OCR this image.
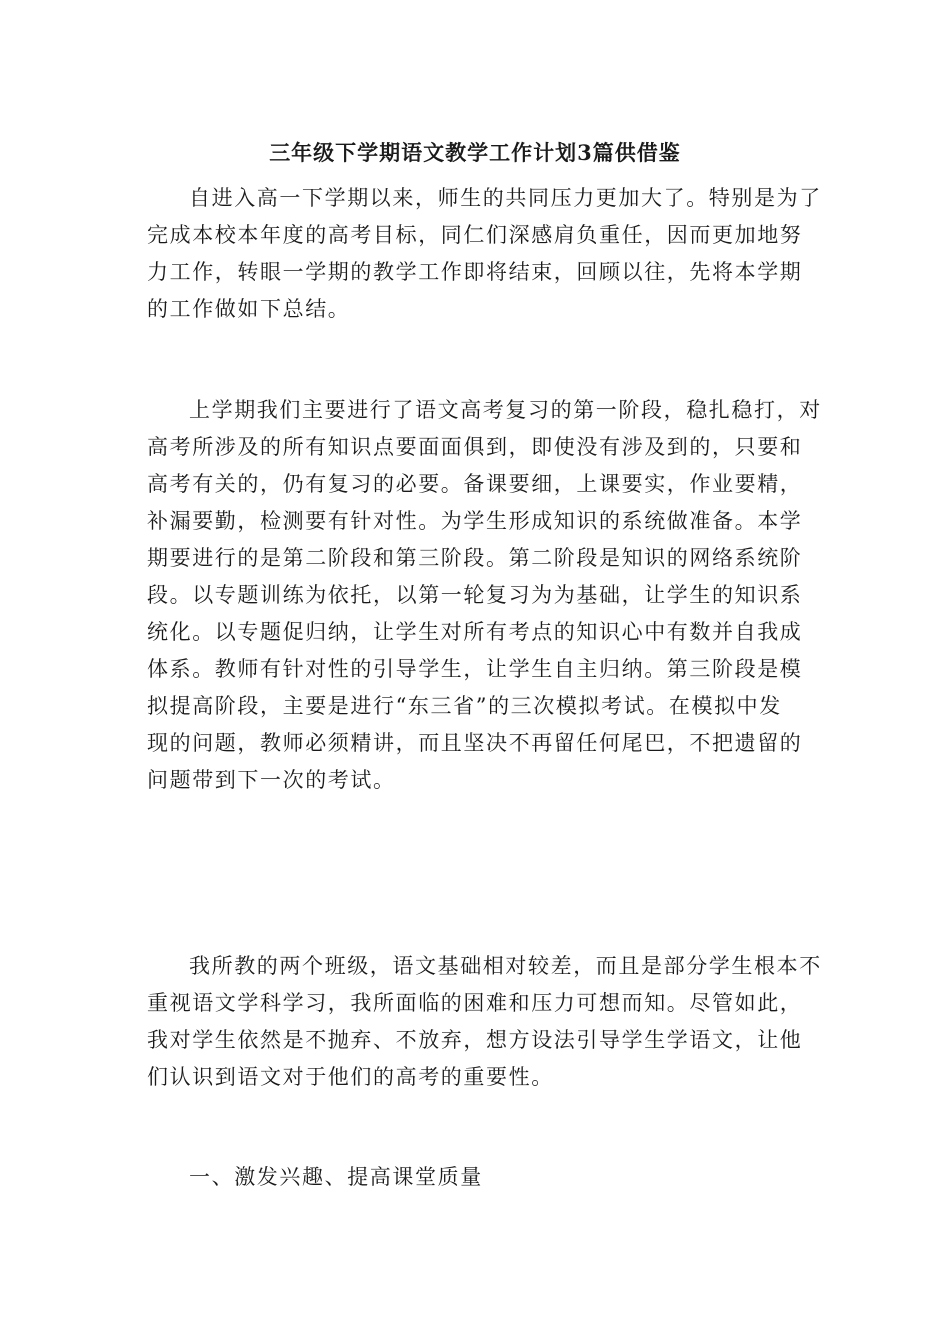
三年级下学期语文教学工作计划3篇供借鉴
自进入高一下学期以来，师生的共同压力更加大了。特别是为了
完成本校本年度的高考目标，同仁们深感肩负重任，因而更加地努
力工作，转眼一学期的教学工作即将结束，回顾以往，先将本学期
的工作做如下总结。
上学期我们主要进行了语文高考复习的第一阶段，稳扎稳打，对
高考所涉及的所有知识点要面面俱到，即使没有涉及到的，只要和
高考有关的，仍有复习的必要。备课要细，上课要实，作业要精，
补漏要勤，检测要有针对性。为学生形成知识的系统做准备。本学
期要进行的是第二阶段和第三阶段。第二阶段是知识的网络系统阶
段。以专题训练为依托，以第一轮复习为为基础，让学生的知识系
统化。以专题促归纳，让学生对所有考点的知识心中有数并自我成
体系。教师有针对性的引导学生，让学生自主归纳。第三阶段是模
拟提高阶段，主要是进行“东三省”的三次模拟考试。在模拟中发
现的问题，教师必须精讲，而且坚决不再留任何尾巴，不把遗留的
问题带到下一次的考试。
我所教的两个班级，语文基础相对较差，而且是部分学生根本不
重视语文学科学习，我所面临的困难和压力可想而知。尽管如此，
我对学生依然是不抛弃、不放弃，想方设法引导学生学语文，让他
们认识到语文对于他们的高考的重要性。
一、激发兴趣、提高课堂质量
